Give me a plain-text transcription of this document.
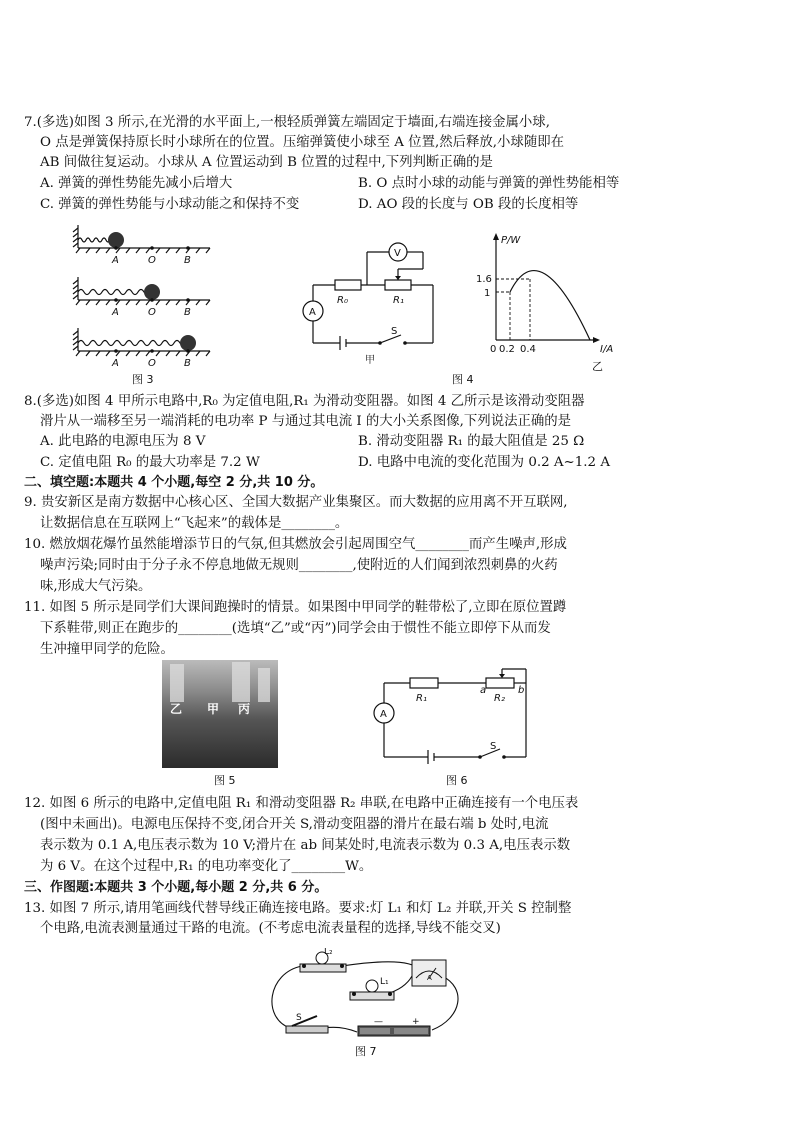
7.(多选)如图 3 所示,在光滑的水平面上,一根轻质弹簧左端固定于墙面,右端连接金属小球,
O 点是弹簧保持原长时小球所在的位置。压缩弹簧使小球至 A 位置,然后释放,小球随即在
AB 间做往复运动。小球从 A 位置运动到 B 位置的过程中,下列判断正确的是
A. 弹簧的弹性势能先减小后增大	B. O 点时小球的动能与弹簧的弹性势能相等
C. 弹簧的弹性势能与小球动能之和保持不变	D. AO 段的长度与 OB 段的长度相等
A	O	B
A	O	B
A	O	B
图 3
V
A
R₀	R₁
S
甲
P/W
1.6
1
0 0.2 0.4	I/A
乙
图 4
8.(多选)如图 4 甲所示电路中,R₀ 为定值电阻,R₁ 为滑动变阻器。如图 4 乙所示是该滑动变阻器
滑片从一端移至另一端消耗的电功率 P 与通过其电流 I 的大小关系图像,下列说法正确的是
A. 此电路的电源电压为 8 V	B. 滑动变阻器 R₁ 的最大阻值是 25 Ω
C. 定值电阻 R₀ 的最大功率是 7.2 W	D. 电路中电流的变化范围为 0.2 A~1.2 A
二、填空题:本题共 4 个小题,每空 2 分,共 10 分。
9. 贵安新区是南方数据中心核心区、全国大数据产业集聚区。而大数据的应用离不开互联网,
让数据信息在互联网上“飞起来”的载体是________。
10. 燃放烟花爆竹虽然能增添节日的气氛,但其燃放会引起周围空气________而产生噪声,形成
噪声污染;同时由于分子永不停息地做无规则________,使附近的人们闻到浓烈刺鼻的火药
味,形成大气污染。
11. 如图 5 所示是同学们大课间跑操时的情景。如果图中甲同学的鞋带松了,立即在原位置蹲
下系鞋带,则正在跑步的________(选填“乙”或“丙”)同学会由于惯性不能立即停下从而发
生冲撞甲同学的危险。
乙 甲 丙
图 5
R₁	R₂
a	b
A
S
图 6
12. 如图 6 所示的电路中,定值电阻 R₁ 和滑动变阻器 R₂ 串联,在电路中正确连接有一个电压表
(图中未画出)。电源电压保持不变,闭合开关 S,滑动变阻器的滑片在最右端 b 处时,电流
表示数为 0.1 A,电压表示数为 10 V;滑片在 ab 间某处时,电流表示数为 0.3 A,电压表示数
为 6 V。在这个过程中,R₁ 的电功率变化了________W。
三、作图题:本题共 3 个小题,每小题 2 分,共 6 分。
13. 如图 7 所示,请用笔画线代替导线正确连接电路。要求:灯 L₁ 和灯 L₂ 并联,开关 S 控制整
个电路,电流表测量通过干路的电流。(不考虑电流表量程的选择,导线不能交叉)
L₂
L₁	A
S	—	+
图 7
